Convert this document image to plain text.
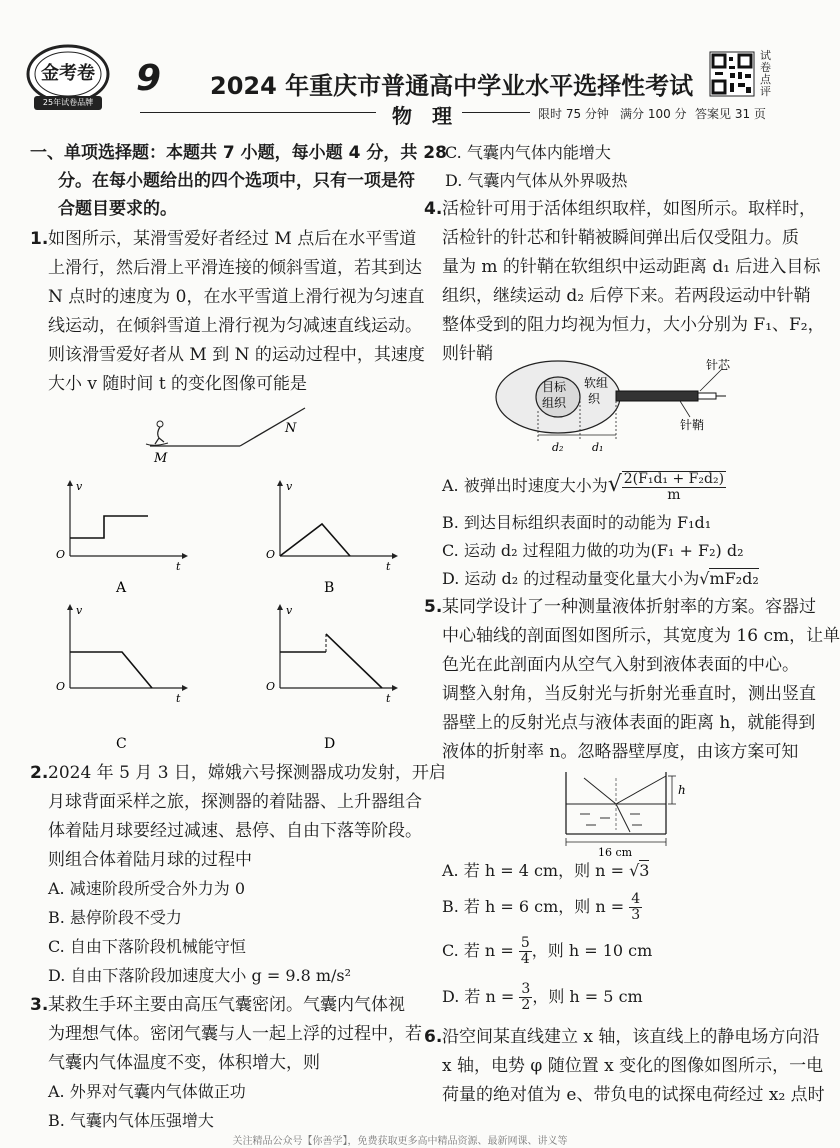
金考卷
25年试卷品牌
9 2024 年重庆市普通高中学业水平选择性考试
物　理	限时 75 分钟 满分 100 分 答案见 31 页
试卷点评
一、单项选择题：本题共 7 小题，每小题 4 分，共 28
分。在每小题给出的四个选项中，只有一项是符
合题目要求的。
1. 如图所示，某滑雪爱好者经过 M 点后在水平雪道
上滑行，然后滑上平滑连接的倾斜雪道，若其到达
N 点时的速度为 0，在水平雪道上滑行视为匀速直
线运动，在倾斜雪道上滑行视为匀减速直线运动。
则该滑雪爱好者从 M 到 N 的运动过程中，其速度
大小 v 随时间 t 的变化图像可能是
M
N
v
t
O
A
v
t
O
B
v
t
O
C
v
t
O
D
2. 2024 年 5 月 3 日，嫦娥六号探测器成功发射，开启
月球背面采样之旅，探测器的着陆器、上升器组合
体着陆月球要经过减速、悬停、自由下落等阶段。
则组合体着陆月球的过程中
A. 减速阶段所受合外力为 0
B. 悬停阶段不受力
C. 自由下落阶段机械能守恒
D. 自由下落阶段加速度大小 g = 9.8 m/s²
3. 某救生手环主要由高压气囊密闭。气囊内气体视
为理想气体。密闭气囊与人一起上浮的过程中，若
气囊内气体温度不变，体积增大，则
A. 外界对气囊内气体做正功
B. 气囊内气体压强增大
C. 气囊内气体内能增大
D. 气囊内气体从外界吸热
4. 活检针可用于活体组织取样，如图所示。取样时，
活检针的针芯和针鞘被瞬间弹出后仅受阻力。质
量为 m 的针鞘在软组织中运动距离 d₁ 后进入目标
组织，继续运动 d₂ 后停下来。若两段运动中针鞘
整体受到的阻力均视为恒力，大小分别为 F₁、F₂，
则针鞘
目标
组织
软组
织
针芯
针鞘
d₂	d₁
A. 被弹出时速度大小为√ $\frac{\text{2(F₁d₁ + F₂d₂)}}{m}$
B. 到达目标组织表面时的动能为 F₁d₁
C. 运动 d₂ 过程阻力做的功为(F₁ + F₂) d₂
D. 运动 d₂ 的过程动量变化量大小为√mF₂d₂
5. 某同学设计了一种测量液体折射率的方案。容器过
中心轴线的剖面图如图所示，其宽度为 16 cm，让单
色光在此剖面内从空气入射到液体表面的中心。
调整入射角，当反射光与折射光垂直时，测出竖直
器壁上的反射光点与液体表面的距离 h，就能得到
液体的折射率 n。忽略器壁厚度，由该方案可知
h
16 cm
A. 若 h = 4 cm，则 n = √3
B. 若 h = 6 cm，则 $n = \frac{4}{3}$
C. 若 $n = \frac{5}{4}$ ，则 h = 10 cm
D. 若 $n = \frac{3}{2}$ ，则 h = 5 cm
6. 沿空间某直线建立 x 轴，该直线上的静电场方向沿
x 轴，电势 φ 随位置 x 变化的图像如图所示，一电
荷量的绝对值为 e、带负电的试探电荷经过 x₂ 点时
关注精品公众号【你善学】，免费获取更多高中精品资源、最新网课、讲义等
